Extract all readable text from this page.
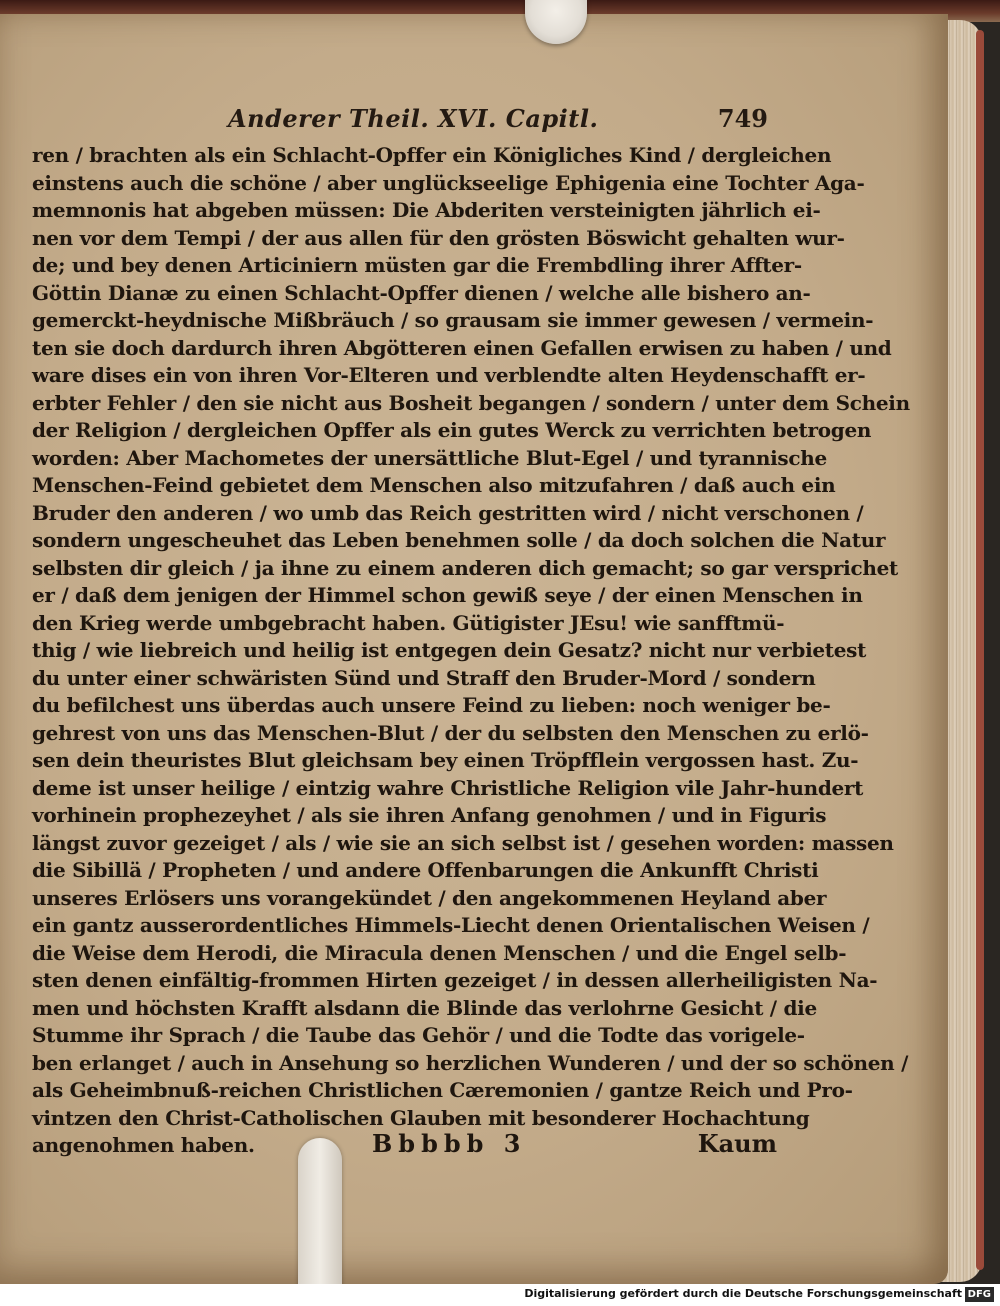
Anderer Theil. XVI. Capitl.	749
ren / brachten als ein Schlacht-Opffer ein Königliches Kind / dergleichen
einstens auch die schöne / aber unglückseelige Ephigenia eine Tochter Aga-
memnonis hat abgeben müssen: Die Abderiten versteinigten jährlich ei-
nen vor dem Tempi / der aus allen für den grösten Böswicht gehalten wur-
de; und bey denen Articiniern müsten gar die Frembdling ihrer Affter-
Göttin Dianæ zu einen Schlacht-Opffer dienen / welche alle bishero an-
gemerckt-heydnische Mißbräuch / so grausam sie immer gewesen / vermein-
ten sie doch dardurch ihren Abgötteren einen Gefallen erwisen zu haben / und
ware dises ein von ihren Vor-Elteren und verblendte alten Heydenschafft er-
erbter Fehler / den sie nicht aus Bosheit begangen / sondern / unter dem Schein
der Religion / dergleichen Opffer als ein gutes Werck zu verrichten betrogen
worden: Aber Machometes der unersättliche Blut-Egel / und tyrannische
Menschen-Feind gebietet dem Menschen also mitzufahren / daß auch ein
Bruder den anderen / wo umb das Reich gestritten wird / nicht verschonen /
sondern ungescheuhet das Leben benehmen solle / da doch solchen die Natur
selbsten dir gleich / ja ihne zu einem anderen dich gemacht; so gar versprichet
er / daß dem jenigen der Himmel schon gewiß seye / der einen Menschen in
den Krieg werde umbgebracht haben. Gütigister JEsu! wie sanfftmü-
thig / wie liebreich und heilig ist entgegen dein Gesatz? nicht nur verbietest
du unter einer schwäristen Sünd und Straff den Bruder-Mord / sondern
du befilchest uns überdas auch unsere Feind zu lieben: noch weniger be-
gehrest von uns das Menschen-Blut / der du selbsten den Menschen zu erlö-
sen dein theuristes Blut gleichsam bey einen Tröpfflein vergossen hast. Zu-
deme ist unser heilige / eintzig wahre Christliche Religion vile Jahr-hundert
vorhinein prophezeyhet / als sie ihren Anfang genohmen / und in Figuris
längst zuvor gezeiget / als / wie sie an sich selbst ist / gesehen worden: massen
die Sibillä / Propheten / und andere Offenbarungen die Ankunfft Christi
unseres Erlösers uns vorangekündet / den angekommenen Heyland aber
ein gantz ausserordentliches Himmels-Liecht denen Orientalischen Weisen /
die Weise dem Herodi, die Miracula denen Menschen / und die Engel selb-
sten denen einfältig-frommen Hirten gezeiget / in dessen allerheiligisten Na-
men und höchsten Krafft alsdann die Blinde das verlohrne Gesicht / die
Stumme ihr Sprach / die Taube das Gehör / und die Todte das vorigele-
ben erlanget / auch in Ansehung so herzlichen Wunderen / und der so schönen /
als Geheimbnuß-reichen Christlichen Cæremonien / gantze Reich und Pro-
vintzen den Christ-Catholischen Glauben mit besonderer Hochachtung
angenohmen haben.	Bbbbb 3	Kaum
Digitalisierung gefördert durch die Deutsche Forschungsgemeinschaft DFG
